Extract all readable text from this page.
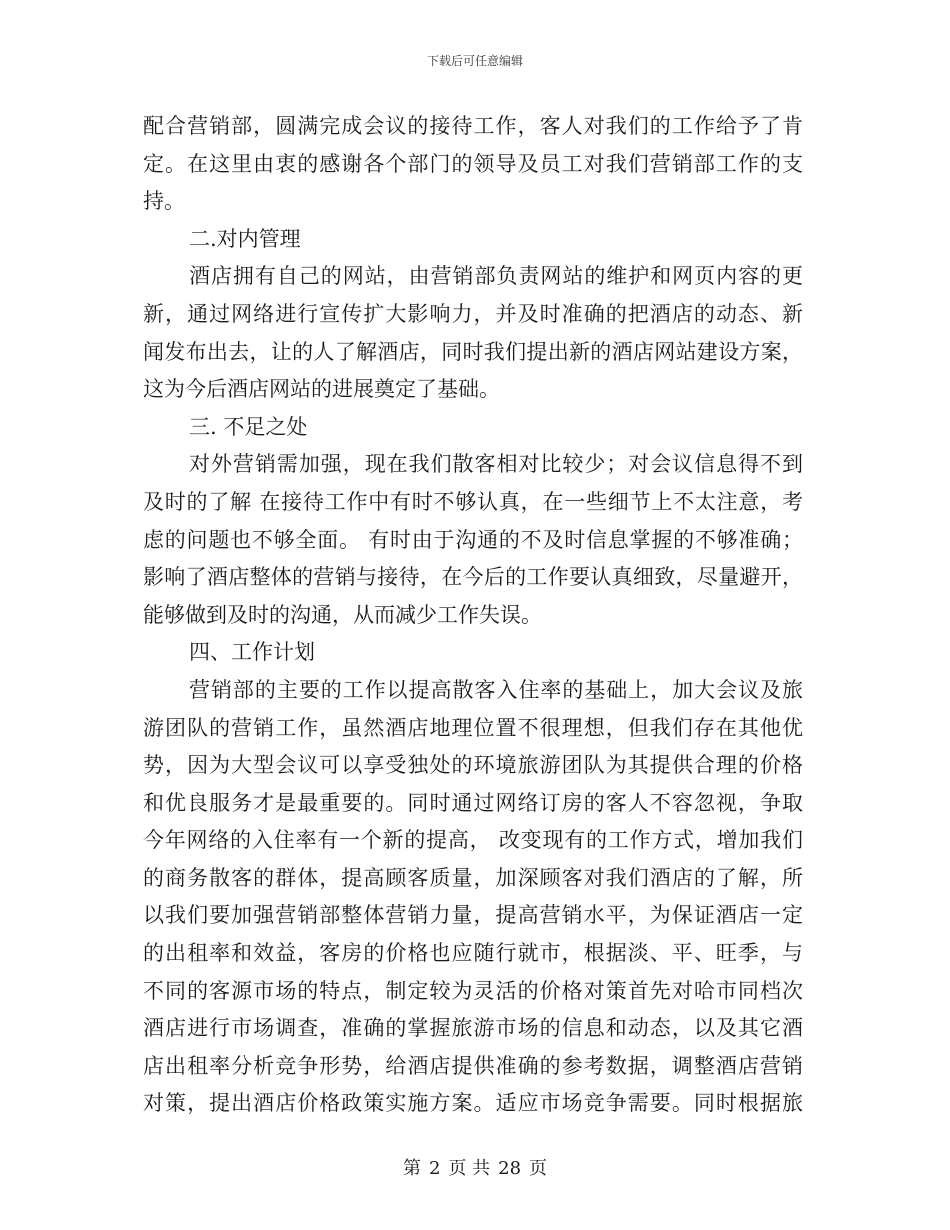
下载后可任意编辑
配合营销部，圆满完成会议的接待工作，客人对我们的工作给予了肯
定。在这里由衷的感谢各个部门的领导及员工对我们营销部工作的支
持。
二.对内管理
酒店拥有自己的网站，由营销部负责网站的维护和网页内容的更
新，通过网络进行宣传扩大影响力，并及时准确的把酒店的动态、新
闻发布出去，让的人了解酒店，同时我们提出新的酒店网站建设方案，
这为今后酒店网站的进展奠定了基础。
三. 不足之处
对外营销需加强，现在我们散客相对比较少；对会议信息得不到
及时的了解 在接待工作中有时不够认真，在一些细节上不太注意，考
虑的问题也不够全面。 有时由于沟通的不及时信息掌握的不够准确；
影响了酒店整体的营销与接待，在今后的工作要认真细致，尽量避开，
能够做到及时的沟通，从而减少工作失误。
四、工作计划
营销部的主要的工作以提高散客入住率的基础上，加大会议及旅
游团队的营销工作，虽然酒店地理位置不很理想，但我们存在其他优
势，因为大型会议可以享受独处的环境旅游团队为其提供合理的价格
和优良服务才是最重要的。同时通过网络订房的客人不容忽视，争取
今年网络的入住率有一个新的提高， 改变现有的工作方式，增加我们
的商务散客的群体，提高顾客质量，加深顾客对我们酒店的了解，所
以我们要加强营销部整体营销力量，提高营销水平，为保证酒店一定
的出租率和效益，客房的价格也应随行就市，根据淡、平、旺季，与
不同的客源市场的特点，制定较为灵活的价格对策首先对哈市同档次
酒店进行市场调查，准确的掌握旅游市场的信息和动态，以及其它酒
店出租率分析竞争形势，给酒店提供准确的参考数据，调整酒店营销
对策，提出酒店价格政策实施方案。适应市场竞争需要。同时根据旅
第 2 页 共 28 页
